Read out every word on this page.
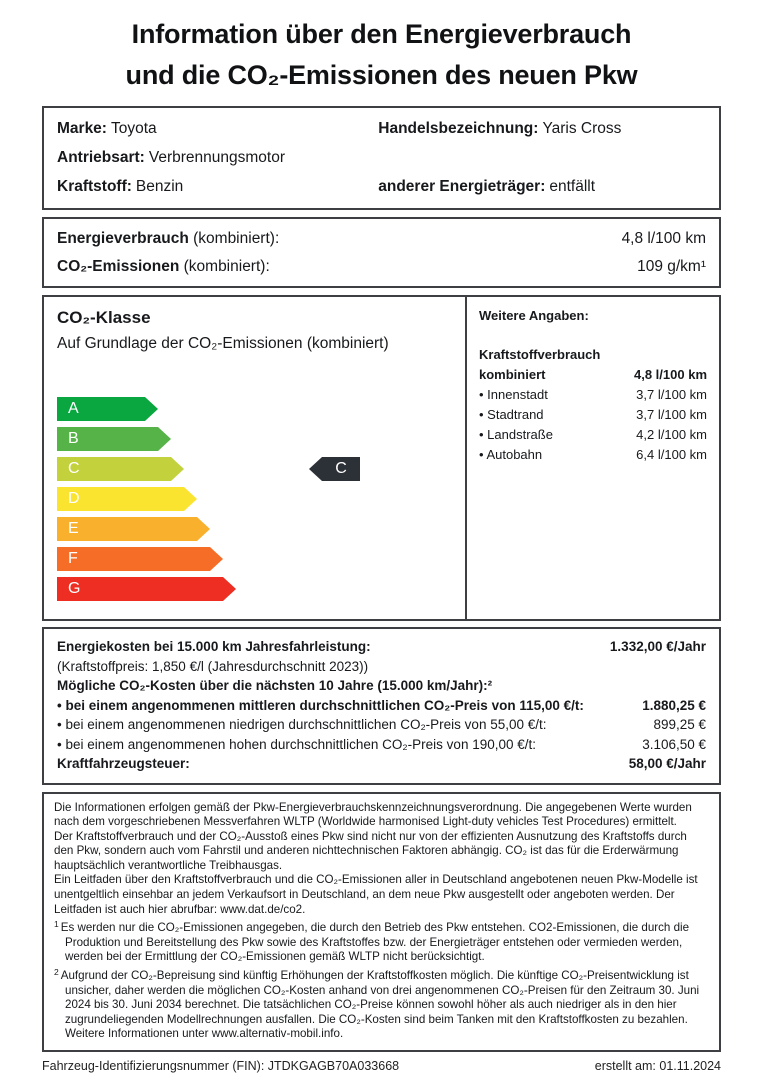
Information über den Energieverbrauch
und die CO₂-Emissionen des neuen Pkw
Marke: Toyota	Handelsbezeichnung: Yaris Cross
Antriebsart: Verbrennungsmotor
Kraftstoff: Benzin	anderer Energieträger: entfällt
Energieverbrauch (kombiniert):	4,8 l/100 km
CO₂-Emissionen (kombiniert):	109 g/km¹
CO₂-Klasse
Auf Grundlage der CO₂-Emissionen (kombiniert)
A
B
C
D
E
F
G
C
Weitere Angaben:
Kraftstoffverbrauch
kombiniert	4,8 l/100 km
• Innenstadt	3,7 l/100 km
• Stadtrand	3,7 l/100 km
• Landstraße	4,2 l/100 km
• Autobahn	6,4 l/100 km
Energiekosten bei 15.000 km Jahresfahrleistung:	1.332,00 €/Jahr
(Kraftstoffpreis: 1,850 €/l (Jahresdurchschnitt 2023))
Mögliche CO₂-Kosten über die nächsten 10 Jahre (15.000 km/Jahr):²
• bei einem angenommenen mittleren durchschnittlichen CO₂-Preis von 115,00 €/t:	1.880,25 €
• bei einem angenommenen niedrigen durchschnittlichen CO₂-Preis von 55,00 €/t:	899,25 €
• bei einem angenommenen hohen durchschnittlichen CO₂-Preis von 190,00 €/t:	3.106,50 €
Kraftfahrzeugsteuer:	58,00 €/Jahr

Die Informationen erfolgen gemäß der Pkw-Energieverbrauchskennzeichnungsverordnung. Die angegebenen Werte wurden nach dem vorgeschriebenen Messverfahren WLTP (Worldwide harmonised Light-duty vehicles Test Procedures) ermittelt.

Der Kraftstoffverbrauch und der CO₂-Ausstoß eines Pkw sind nicht nur von der effizienten Ausnutzung des Kraftstoffs durch den Pkw, sondern auch vom Fahrstil und anderen nichttechnischen Faktoren abhängig. CO₂ ist das für die Erderwärmung hauptsächlich verantwortliche Treibhausgas.

Ein Leitfaden über den Kraftstoffverbrauch und die CO₂-Emissionen aller in Deutschland angebotenen neuen Pkw-Modelle ist unentgeltlich einsehbar an jedem Verkaufsort in Deutschland, an dem neue Pkw ausgestellt oder angeboten werden. Der Leitfaden ist auch hier abrufbar: www.dat.de/co2.

$^1$ Es werden nur die CO₂-Emissionen angegeben, die durch den Betrieb des Pkw entstehen. CO2-Emissionen, die durch die Produktion und Bereitstellung des Pkw sowie des Kraftstoffes bzw. der Energieträger entstehen oder vermieden werden, werden bei der Ermittlung der CO₂-Emissionen gemäß WLTP nicht berücksichtigt.

$^2$ Aufgrund der CO₂-Bepreisung sind künftig Erhöhungen der Kraftstoffkosten möglich. Die künftige CO₂-Preisentwicklung ist unsicher, daher werden die möglichen CO₂-Kosten anhand von drei angenommenen CO₂-Preisen für den Zeitraum 30. Juni 2024 bis 30. Juni 2034 berechnet. Die tatsächlichen CO₂-Preise können sowohl höher als auch niedriger als in den hier zugrundeliegenden Modellrechnungen ausfallen. Die CO₂-Kosten sind beim Tanken mit den Kraftstoffkosten zu bezahlen. Weitere Informationen unter www.alternativ-mobil.info.

Fahrzeug-Identifizierungsnummer (FIN): JTDKGAGB70A033668	erstellt am: 01.11.2024
